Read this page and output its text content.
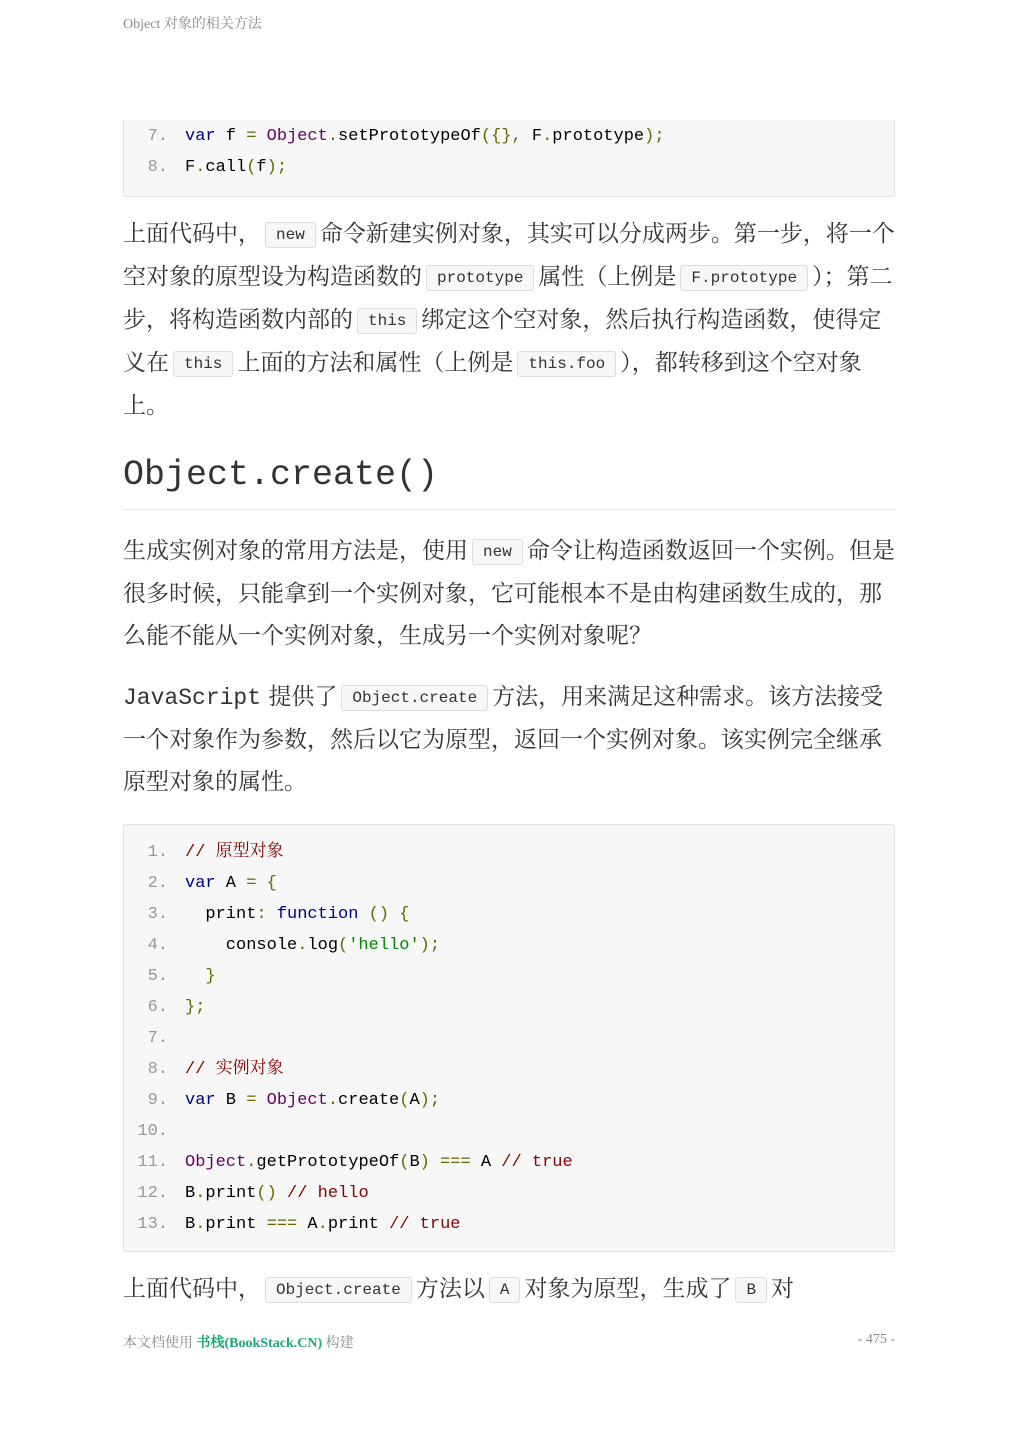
Object 对象的相关方法
7. var f = Object.setPrototypeOf({}, F.prototype);
8. F.call(f);
上面代码中， new 命令新建实例对象，其实可以分成两步。第一步，将一个空对象的原型设为构造函数的 prototype 属性（上例是 F.prototype ）；第二步，将构造函数内部的 this 绑定这个空对象，然后执行构造函数，使得定义在 this 上面的方法和属性（上例是 this.foo ），都转移到这个空对象上。
Object.create()
生成实例对象的常用方法是，使用 new 命令让构造函数返回一个实例。但是很多时候，只能拿到一个实例对象，它可能根本不是由构建函数生成的，那么能不能从一个实例对象，生成另一个实例对象呢？
JavaScript 提供了 Object.create 方法，用来满足这种需求。该方法接受一个对象作为参数，然后以它为原型，返回一个实例对象。该实例完全继承原型对象的属性。
1. // 原型对象
2. var A = {
3. print: function () {
4. console.log('hello');
5.	}
6. };
7.
8. // 实例对象
9. var B = Object.create(A);
10.
11. Object.getPrototypeOf(B) === A // true
12. B.print() // hello
13. B.print === A.print // true
上面代码中， Object.create 方法以 A 对象为原型，生成了 B 对
本文档使用 书栈(BookStack.CN) 构建	- 475 -
